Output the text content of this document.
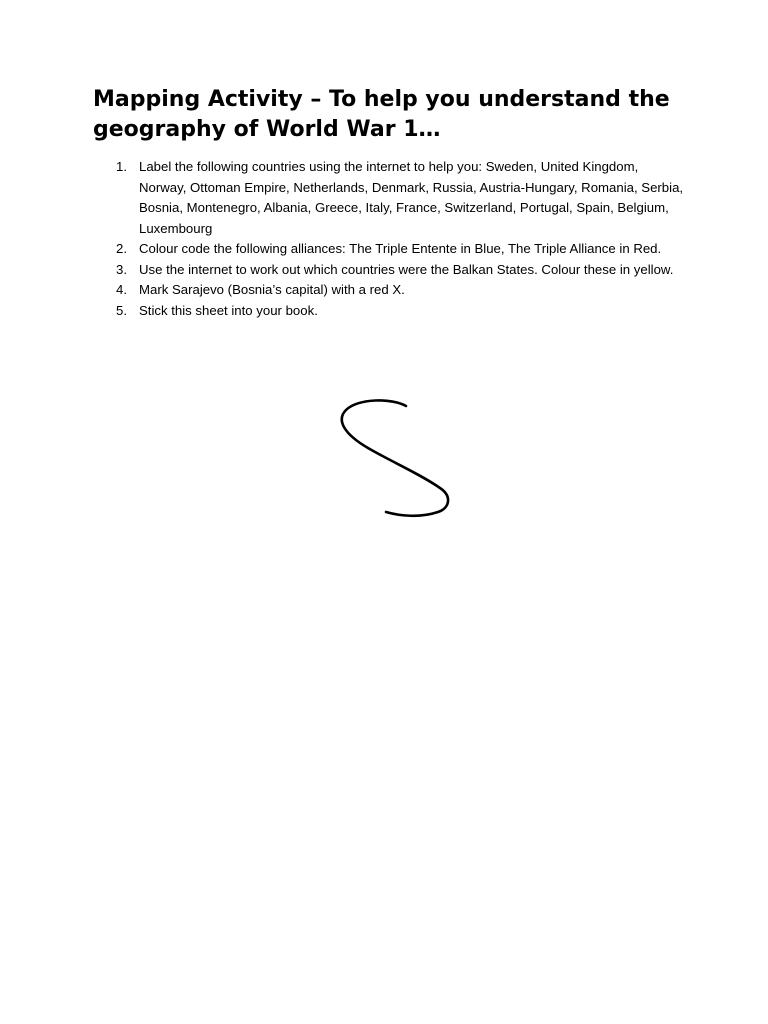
Mapping Activity – To help you understand the geography of World War 1…
1. Label the following countries using the internet to help you: Sweden, United Kingdom, Norway, Ottoman Empire, Netherlands, Denmark, Russia, Austria-Hungary, Romania, Serbia, Bosnia, Montenegro, Albania, Greece, Italy, France, Switzerland, Portugal, Spain, Belgium, Luxembourg
2. Colour code the following alliances: The Triple Entente in Blue, The Triple Alliance in Red.
3. Use the internet to work out which countries were the Balkan States. Colour these in yellow.
4. Mark Sarajevo (Bosnia’s capital) with a red X.
5. Stick this sheet into your book.
